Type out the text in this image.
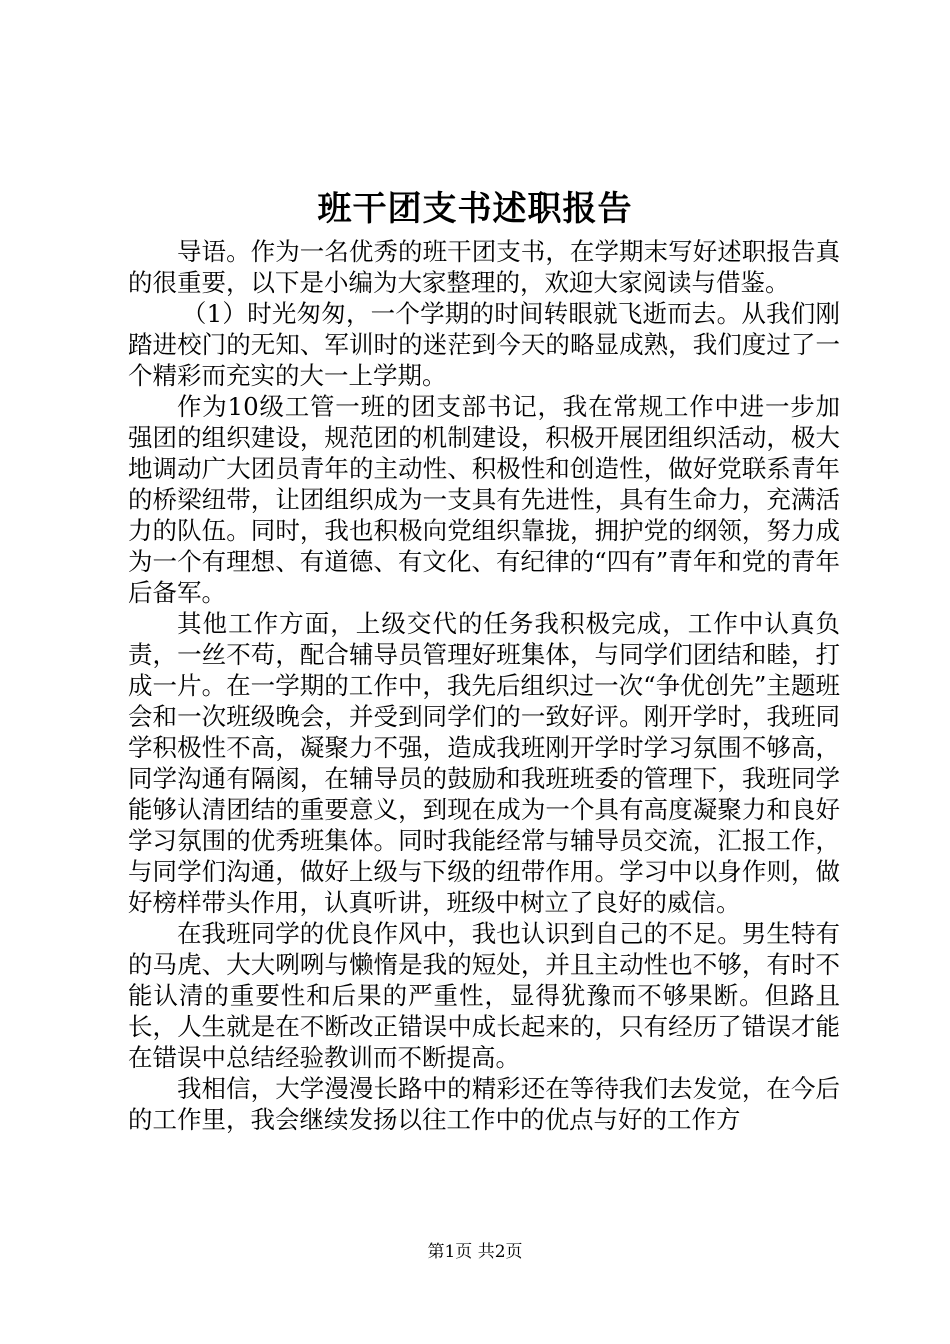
班干团支书述职报告

导语。作为一名优秀的班干团支书，在学期末写好述职报告真的很重要，以下是小编为大家整理的，欢迎大家阅读与借鉴。

（1）时光匆匆，一个学期的时间转眼就飞逝而去。从我们刚踏进校门的无知、军训时的迷茫到今天的略显成熟，我们度过了一个精彩而充实的大一上学期。

作为10级工管一班的团支部书记，我在常规工作中进一步加强团的组织建设，规范团的机制建设，积极开展团组织活动，极大地调动广大团员青年的主动性、积极性和创造性，做好党联系青年的桥梁纽带，让团组织成为一支具有先进性，具有生命力，充满活力的队伍。同时，我也积极向党组织靠拢，拥护党的纲领，努力成为一个有理想、有道德、有文化、有纪律的“四有”青年和党的青年后备军。

其他工作方面，上级交代的任务我积极完成，工作中认真负责，一丝不苟，配合辅导员管理好班集体，与同学们团结和睦，打成一片。在一学期的工作中，我先后组织过一次“争优创先”主题班会和一次班级晚会，并受到同学们的一致好评。刚开学时，我班同学积极性不高，凝聚力不强，造成我班刚开学时学习氛围不够高，同学沟通有隔阂，在辅导员的鼓励和我班班委的管理下，我班同学能够认清团结的重要意义，到现在成为一个具有高度凝聚力和良好学习氛围的优秀班集体。同时我能经常与辅导员交流，汇报工作，与同学们沟通，做好上级与下级的纽带作用。学习中以身作则，做好榜样带头作用，认真听讲，班级中树立了良好的威信。

在我班同学的优良作风中，我也认识到自己的不足。男生特有的马虎、大大咧咧与懒惰是我的短处，并且主动性也不够，有时不能认清的重要性和后果的严重性，显得犹豫而不够果断。但路且长，人生就是在不断改正错误中成长起来的，只有经历了错误才能在错误中总结经验教训而不断提高。

我相信，大学漫漫长路中的精彩还在等待我们去发觉，在今后的工作里，我会继续发扬以往工作中的优点与好的工作方

第1页 共2页
